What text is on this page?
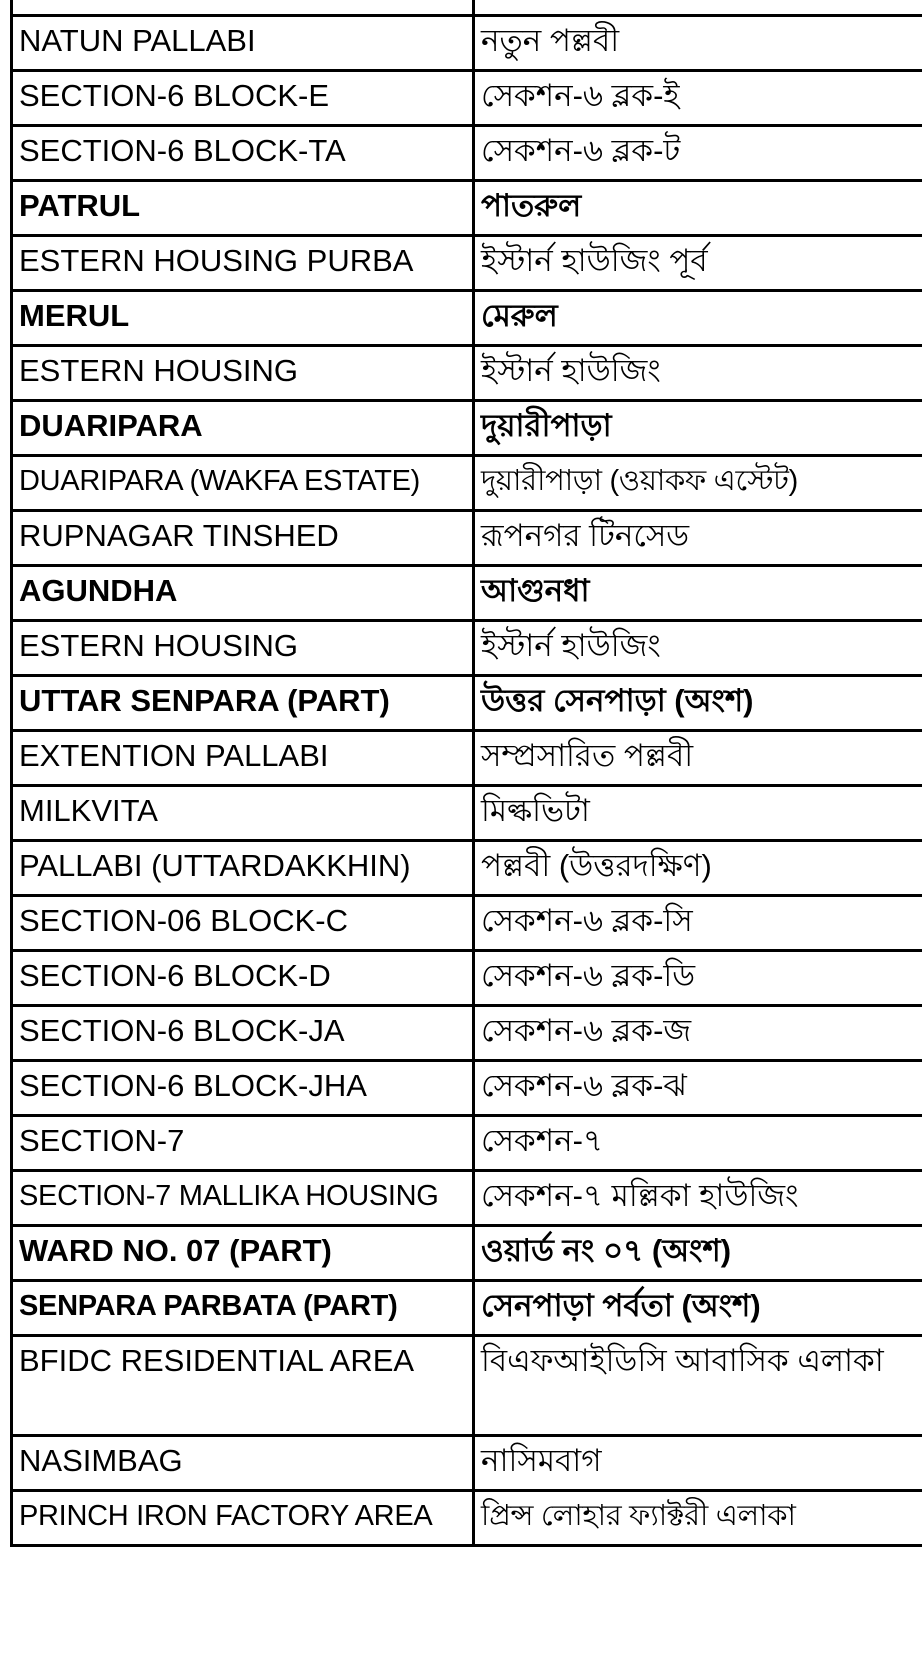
NATUN PALLABI	নতুন পল্লবী
SECTION-6 BLOCK-E	সেকশন-৬ ব্লক-ই
SECTION-6 BLOCK-TA	সেকশন-৬ ব্লক-ট
PATRUL	পাতরুল
ESTERN HOUSING PURBA	ইস্টার্ন হাউজিং পূর্ব
MERUL	মেরুল
ESTERN HOUSING	ইস্টার্ন হাউজিং
DUARIPARA	দুয়ারীপাড়া
DUARIPARA (WAKFA ESTATE)	দুয়ারীপাড়া (ওয়াকফ এস্টেট)
RUPNAGAR TINSHED	রূপনগর টিনসেড
AGUNDHA	আগুনধা
ESTERN HOUSING	ইস্টার্ন হাউজিং
UTTAR SENPARA (PART)	উত্তর সেনপাড়া (অংশ)
EXTENTION PALLABI	সম্প্রসারিত পল্লবী
MILKVITA	মিল্কভিটা
PALLABI (UTTARDAKKHIN)	পল্লবী (উত্তরদক্ষিণ)
SECTION-06 BLOCK-C	সেকশন-৬ ব্লক-সি
SECTION-6 BLOCK-D	সেকশন-৬ ব্লক-ডি
SECTION-6 BLOCK-JA	সেকশন-৬ ব্লক-জ
SECTION-6 BLOCK-JHA	সেকশন-৬ ব্লক-ঝ
SECTION-7	সেকশন-৭
SECTION-7 MALLIKA HOUSING	সেকশন-৭ মল্লিকা হাউজিং
WARD NO. 07 (PART)	ওয়ার্ড নং ০৭ (অংশ)
SENPARA PARBATA (PART)	সেনপাড়া পর্বতা (অংশ)
BFIDC RESIDENTIAL AREA	বিএফআইডিসি আবাসিক এলাকা
NASIMBAG	নাসিমবাগ
PRINCH IRON FACTORY AREA	প্রিন্স লোহার ফ্যাক্টরী এলাকা
